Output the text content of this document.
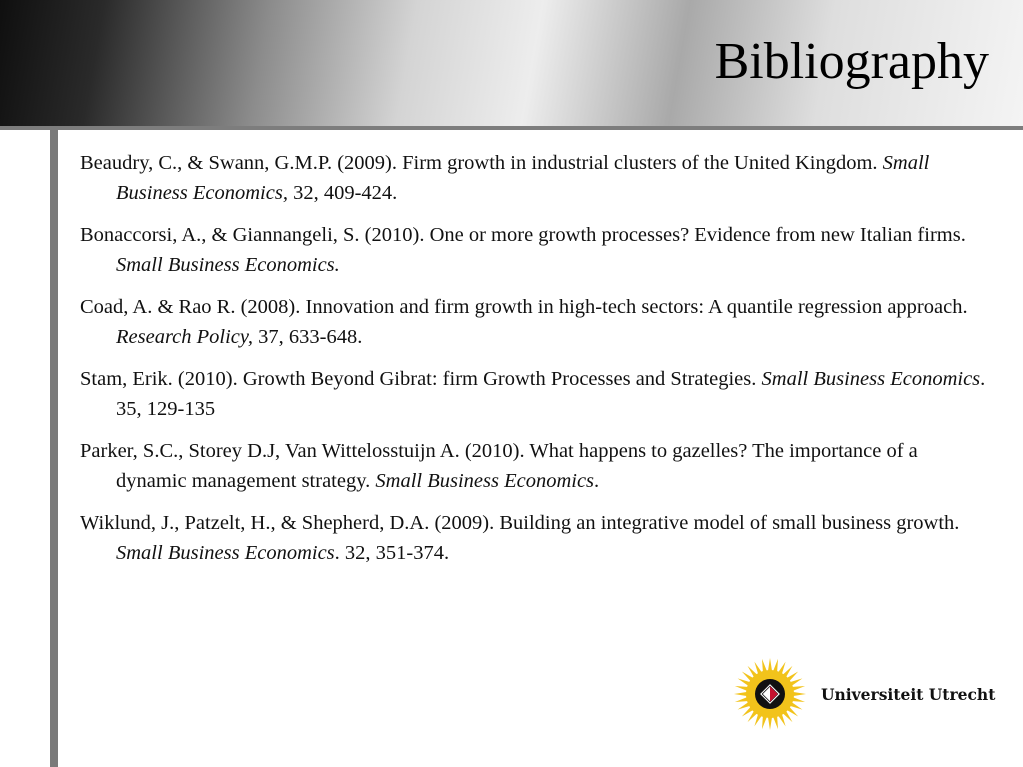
Bibliography

Beaudry, C., & Swann, G.M.P. (2009). Firm growth in industrial clusters of the United Kingdom. Small Business Economics, 32, 409-424.

Bonaccorsi, A., & Giannangeli, S. (2010). One or more growth processes? Evidence from new Italian firms. Small Business Economics.

Coad, A. & Rao R. (2008). Innovation and firm growth in high-tech sectors: A quantile regression approach. Research Policy, 37, 633-648.

Stam, Erik. (2010). Growth Beyond Gibrat: firm Growth Processes and Strategies. Small Business Economics. 35, 129-135

Parker, S.C., Storey D.J, Van Wittelosstuijn A. (2010). What happens to gazelles? The importance of a dynamic management strategy. Small Business Economics.

Wiklund, J., Patzelt, H., & Shepherd, D.A. (2009). Building an integrative model of small business growth. Small Business Economics. 32, 351-374.

Universiteit Utrecht
